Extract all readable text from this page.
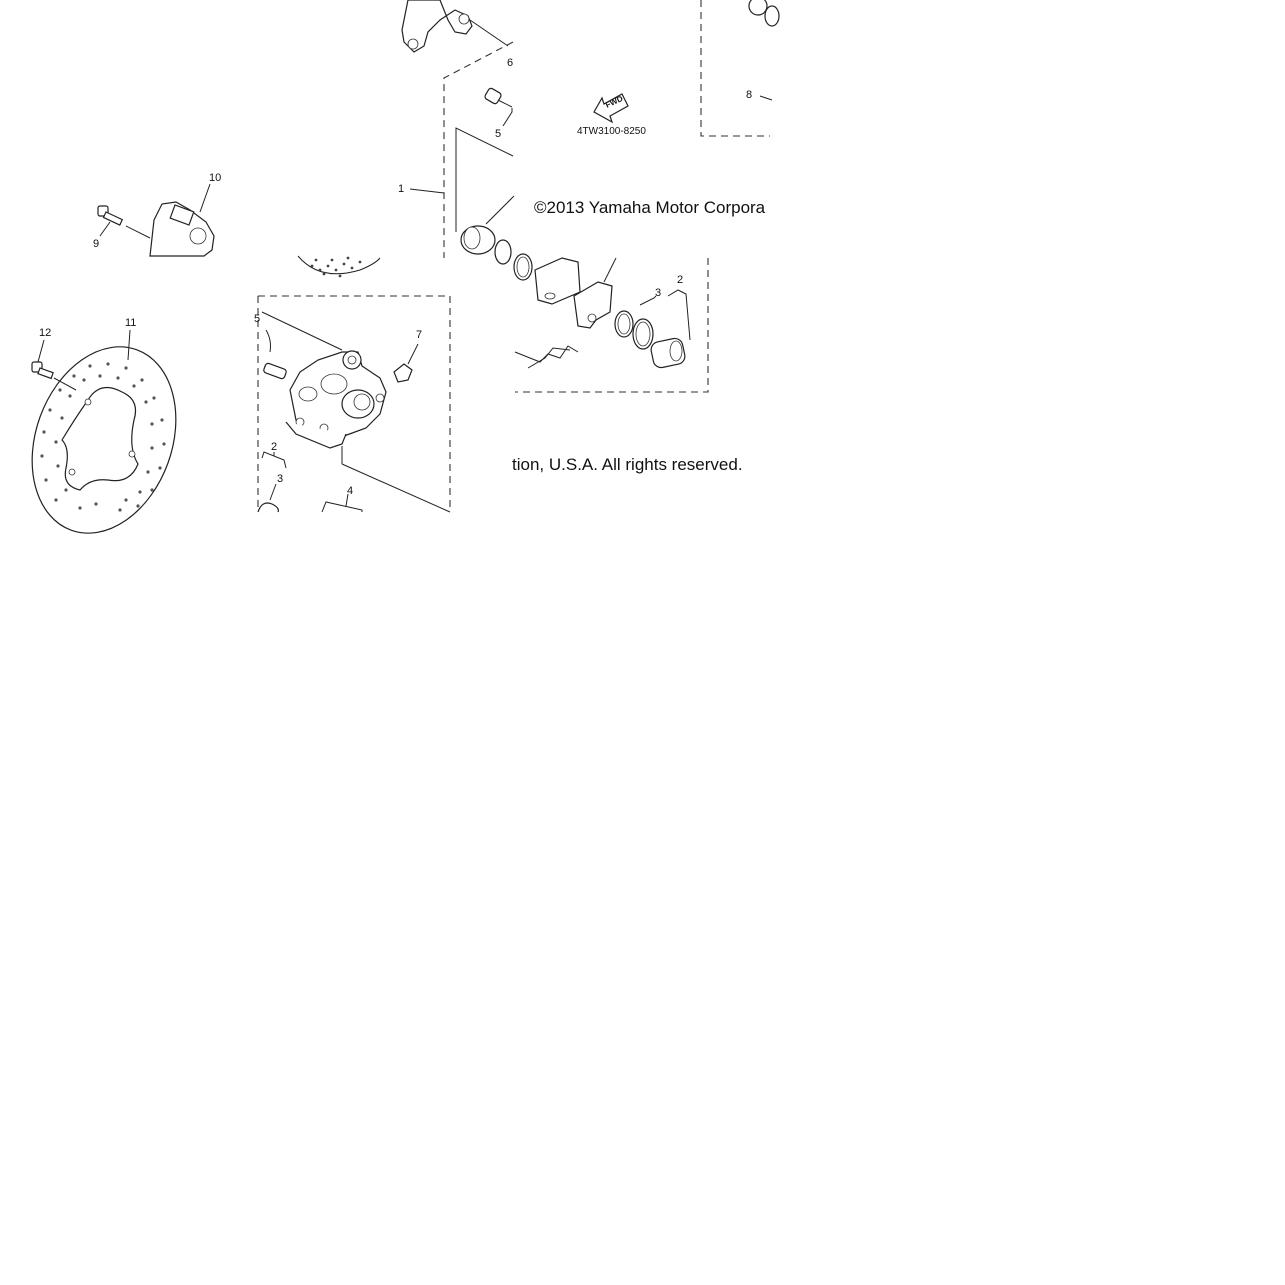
FWD
1
2
2
3
3
4
5
6
7
8
9
10
11
12
5
4TW3100-8250
©2013 Yamaha Motor Corpora
tion, U.S.A. All rights reserved.
